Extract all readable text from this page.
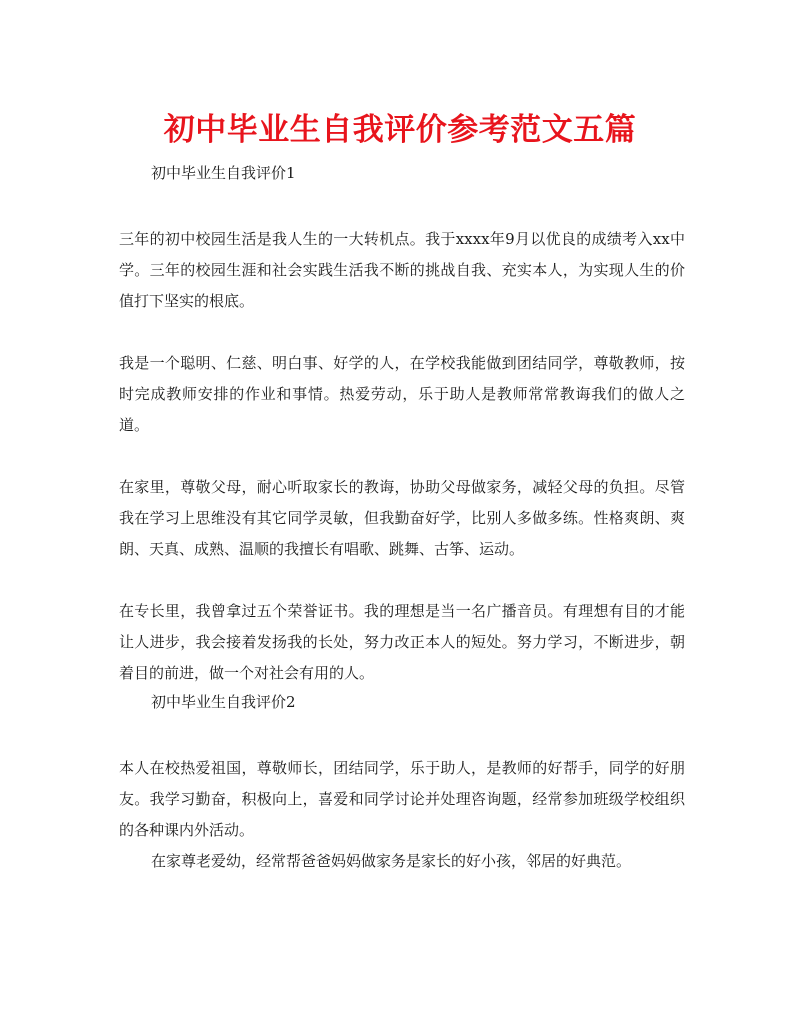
初中毕业生自我评价参考范文五篇

初中毕业生自我评价1

三年的初中校园生活是我人生的一大转机点。我于xxxx年9月以优良的成绩考入xx中学。三年的校园生涯和社会实践生活我不断的挑战自我、充实本人，为实现人生的价值打下坚实的根底。

我是一个聪明、仁慈、明白事、好学的人，在学校我能做到团结同学，尊敬教师，按时完成教师安排的作业和事情。热爱劳动，乐于助人是教师常常教诲我们的做人之道。

在家里，尊敬父母，耐心听取家长的教诲，协助父母做家务，减轻父母的负担。尽管我在学习上思维没有其它同学灵敏，但我勤奋好学，比别人多做多练。性格爽朗、爽朗、天真、成熟、温顺的我擅长有唱歌、跳舞、古筝、运动。

在专长里，我曾拿过五个荣誉证书。我的理想是当一名广播音员。有理想有目的才能让人进步，我会接着发扬我的长处，努力改正本人的短处。努力学习，不断进步，朝着目的前进，做一个对社会有用的人。

初中毕业生自我评价2

本人在校热爱祖国，尊敬师长，团结同学，乐于助人，是教师的好帮手，同学的好朋友。我学习勤奋，积极向上，喜爱和同学讨论并处理咨询题，经常参加班级学校组织的各种课内外活动。

在家尊老爱幼，经常帮爸爸妈妈做家务是家长的好小孩，邻居的好典范。
